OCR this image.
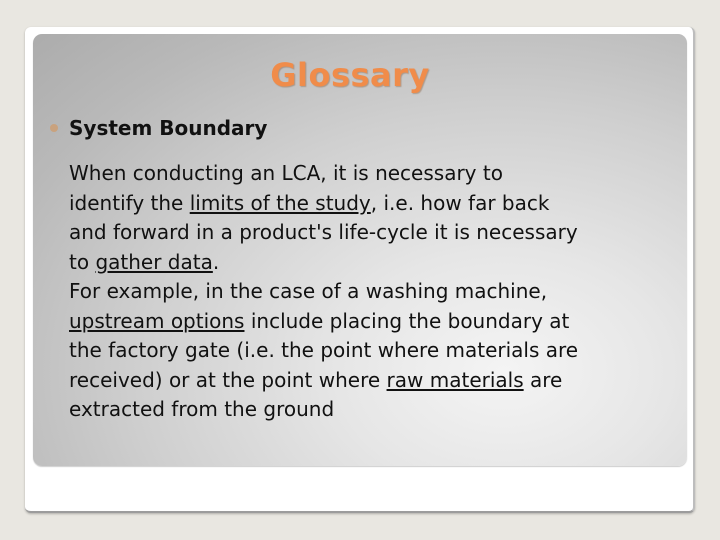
Glossary
System Boundary
When conducting an LCA, it is necessary to
identify the limits of the study, i.e. how far back
and forward in a product's life-cycle it is necessary
to gather data.
For example, in the case of a washing machine,
upstream options include placing the boundary at
the factory gate (i.e. the point where materials are
received) or at the point where raw materials are
extracted from the ground
